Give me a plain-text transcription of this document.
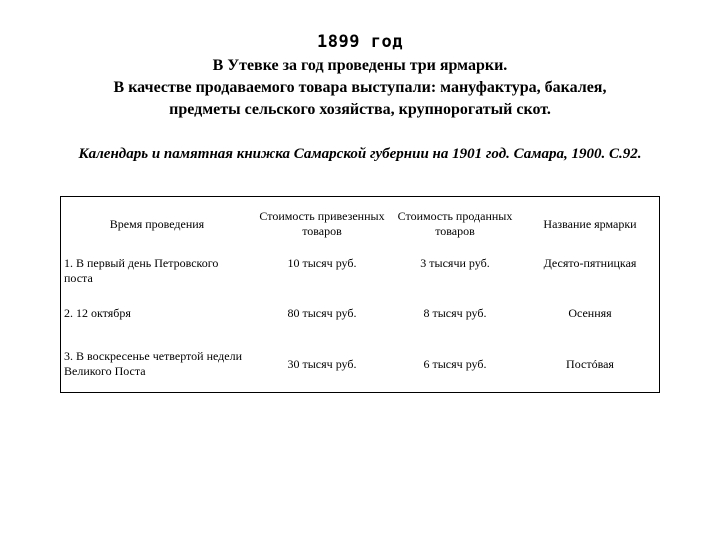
1899 год
В Утевке за год проведены три ярмарки.
В качестве продаваемого товара выступали: мануфактура, бакалея,
предметы сельского хозяйства, крупнорогатый скот.
Календарь и памятная книжка Самарской губернии на 1901 год. Самара, 1900. С.92.
Время проведения	Стоимость привезенных товаров	Стоимость проданных товаров	Название ярмарки
1. В первый день Петровского поста	10 тысяч руб.	3 тысячи руб.	Десято-пятницкая
2. 12 октября	80 тысяч руб.	8 тысяч руб.	Осенняя
3. В воскресенье четвертой недели Великого Поста	30 тысяч руб.	6 тысяч руб.	Постóвая
